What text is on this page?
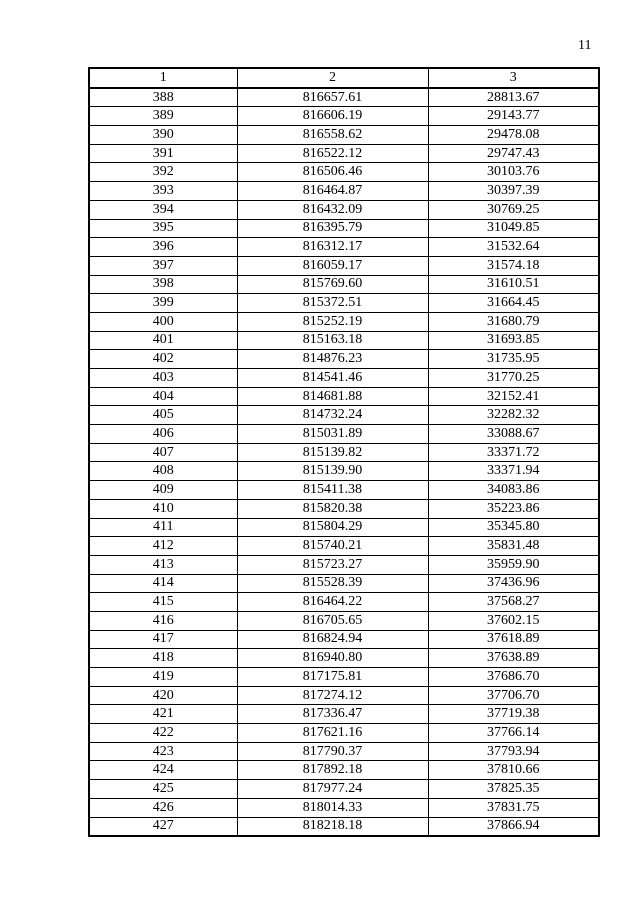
11
1	2	3
388	816657.61	28813.67
389	816606.19	29143.77
390	816558.62	29478.08
391	816522.12	29747.43
392	816506.46	30103.76
393	816464.87	30397.39
394	816432.09	30769.25
395	816395.79	31049.85
396	816312.17	31532.64
397	816059.17	31574.18
398	815769.60	31610.51
399	815372.51	31664.45
400	815252.19	31680.79
401	815163.18	31693.85
402	814876.23	31735.95
403	814541.46	31770.25
404	814681.88	32152.41
405	814732.24	32282.32
406	815031.89	33088.67
407	815139.82	33371.72
408	815139.90	33371.94
409	815411.38	34083.86
410	815820.38	35223.86
411	815804.29	35345.80
412	815740.21	35831.48
413	815723.27	35959.90
414	815528.39	37436.96
415	816464.22	37568.27
416	816705.65	37602.15
417	816824.94	37618.89
418	816940.80	37638.89
419	817175.81	37686.70
420	817274.12	37706.70
421	817336.47	37719.38
422	817621.16	37766.14
423	817790.37	37793.94
424	817892.18	37810.66
425	817977.24	37825.35
426	818014.33	37831.75
427	818218.18	37866.94
